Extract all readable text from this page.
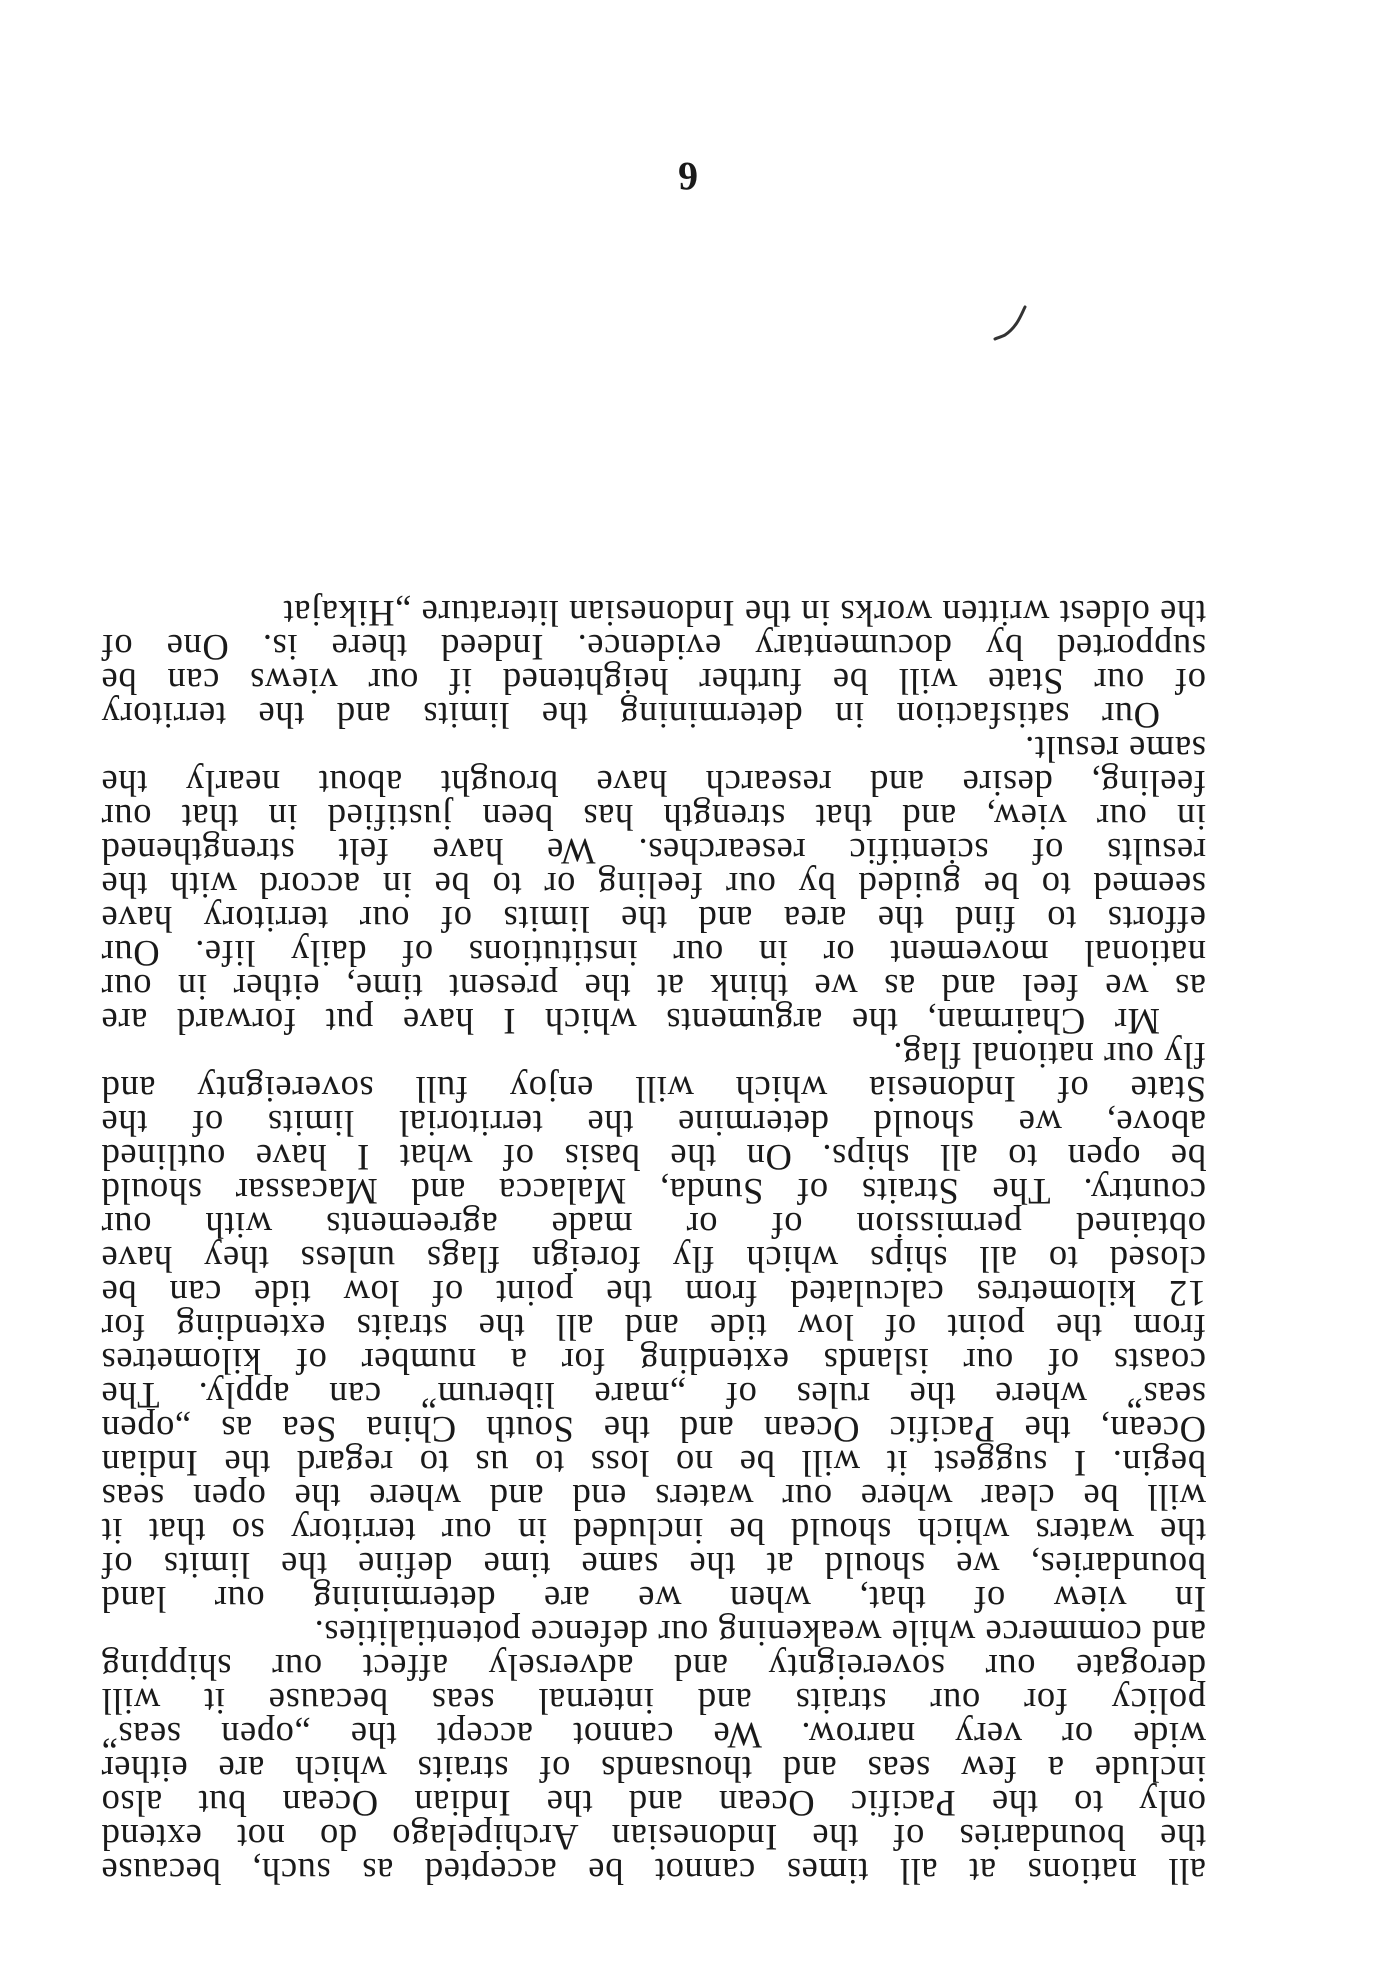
all nations at all times cannot be accepted as such, because
the boundaries of the Indonesian Archipelago do not extend
only to the Pacific Ocean and the Indian Ocean but also
include a few seas and thousands of straits which are either
wide or very narrow. We cannot accept the „open seas”
policy for our straits and internal seas because it will
derogate our sovereignty and adversely affect our shipping
and commerce while weakening our defence potentialities.
In view of that, when we are determining our land
boundaries, we should at the same time define the limits of
the waters which should be included in our territory so that it
will be clear where our waters end and where the open seas
begin. I suggest it will be no loss to us to regard the Indian
Ocean, the Pacific Ocean and the South China Sea as „open
seas” where the rules of „mare liberum” can apply. The
coasts of our islands extending for a number of kilometres
from the point of low tide and all the straits extending for
12 kilometres calculated from the point of low tide can be
closed to all ships which fly foreign flags unless they have
obtained permission of or made agreements with our
country. The Straits of Sunda, Malacca and Macassar should
be open to all ships. On the basis of what I have outlined
above, we should determine the territorial limits of the
State of Indonesia which will enjoy full sovereignty and
fly our national flag.
Mr Chairman, the arguments which I have put forward are
as we feel and as we think at the present time, either in our
national movement or in our institutions of daily life. Our
efforts to find the area and the limits of our territory have
seemed to be guided by our feeling or to be in accord with the
results of scientific researches. We have felt strengthened
in our view, and that strength has been justified in that our
feeling, desire and research have brought about nearly the
same result.
Our satisfaction in determining the limits and the territory
of our State will be further heightened if our views can be
supported by documentary evidence. Indeed there is. One of
the oldest written works in the Indonesian literature „Hikajat
6
